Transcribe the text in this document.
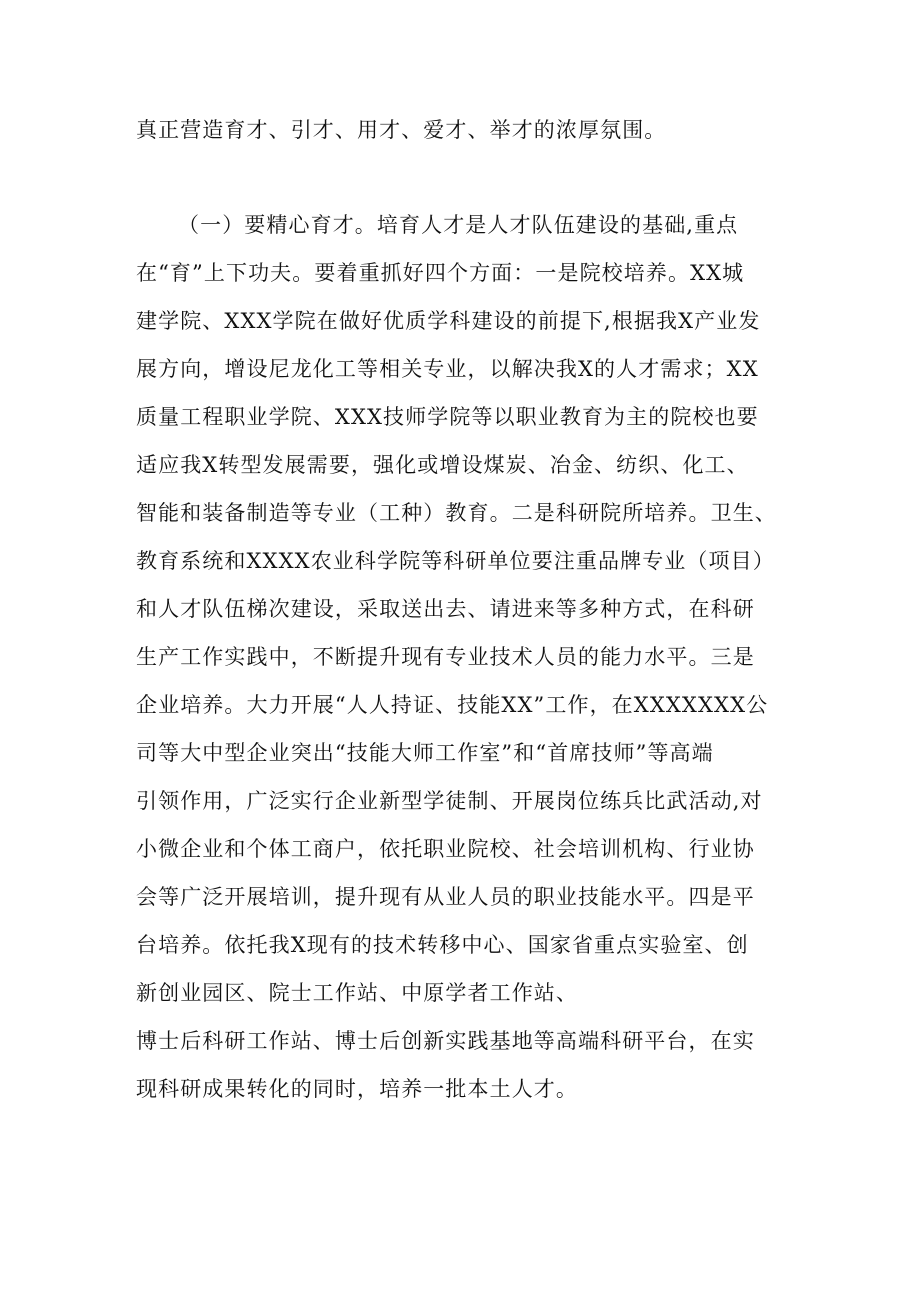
真正营造育才、引才、用才、爱才、举才的浓厚氛围。
（一）要精心育才。培育人才是人才队伍建设的基础,重点
在“育”上下功夫。要着重抓好四个方面：一是院校培养。XX城
建学院、XXX学院在做好优质学科建设的前提下,根据我X产业发
展方向，增设尼龙化工等相关专业，以解决我X的人才需求；XX
质量工程职业学院、XXX技师学院等以职业教育为主的院校也要
适应我X转型发展需要，强化或增设煤炭、冶金、纺织、化工、
智能和装备制造等专业（工种）教育。二是科研院所培养。卫生、
教育系统和XXXX农业科学院等科研单位要注重品牌专业（项目）
和人才队伍梯次建设，采取送出去、请进来等多种方式，在科研
生产工作实践中，不断提升现有专业技术人员的能力水平。三是
企业培养。大力开展“人人持证、技能XX”工作，在XXXXXXX公
司等大中型企业突出“技能大师工作室”和“首席技师”等高端
引领作用，广泛实行企业新型学徒制、开展岗位练兵比武活动,对
小微企业和个体工商户，依托职业院校、社会培训机构、行业协
会等广泛开展培训，提升现有从业人员的职业技能水平。四是平
台培养。依托我X现有的技术转移中心、国家省重点实验室、创
新创业园区、院士工作站、中原学者工作站、
博士后科研工作站、博士后创新实践基地等高端科研平台，在实
现科研成果转化的同时，培养一批本土人才。
